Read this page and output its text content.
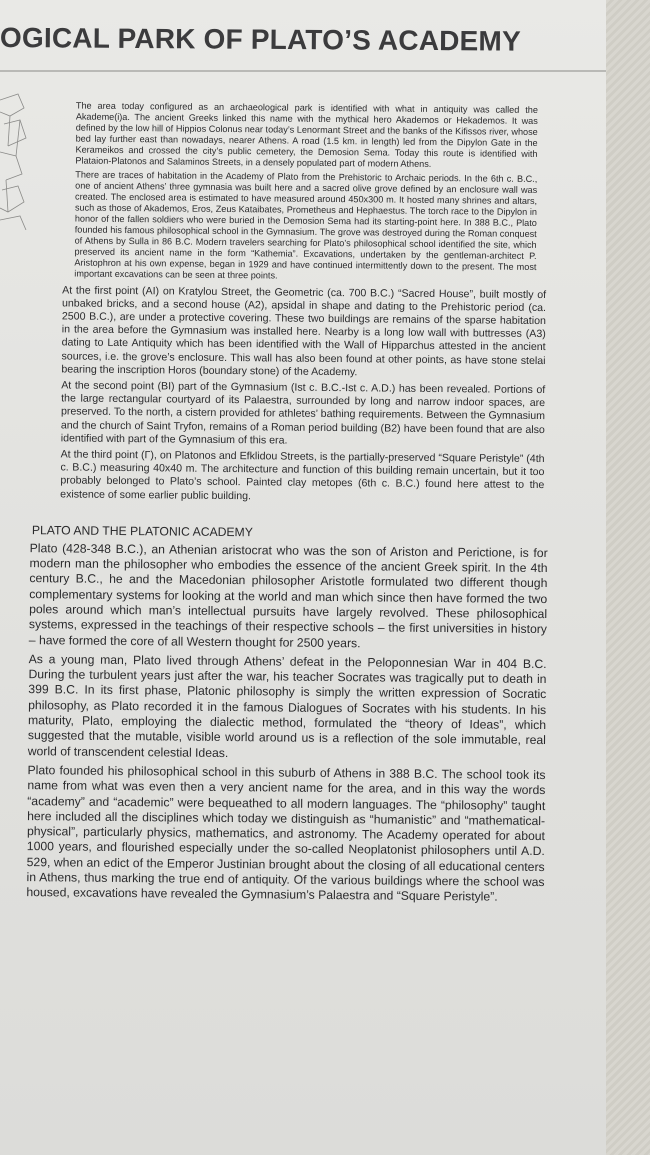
OGICAL PARK OF PLATO’S ACADEMY

The area today configured as an archaeological park is identified with what in antiquity was called the Akademe(i)a. The ancient Greeks linked this name with the mythical hero Akademos or Hekademos. It was defined by the low hill of Hippios Colonus near today’s Lenormant Street and the banks of the Kifissos river, whose bed lay further east than nowadays, nearer Athens. A road (1.5 km. in length) led from the Dipylon Gate in the Kerameikos and crossed the city’s public cemetery, the Demosion Sema. Today this route is identified with Plataion-Platonos and Salaminos Streets, in a densely populated part of modern Athens.

There are traces of habitation in the Academy of Plato from the Prehistoric to Archaic periods. In the 6th c. B.C., one of ancient Athens’ three gymnasia was built here and a sacred olive grove defined by an enclosure wall was created. The enclosed area is estimated to have measured around 450x300 m. It hosted many shrines and altars, such as those of Akademos, Eros, Zeus Kataibates, Prometheus and Hephaestus. The torch race to the Dipylon in honor of the fallen soldiers who were buried in the Demosion Sema had its starting-point here. In 388 B.C., Plato founded his famous philosophical school in the Gymnasium. The grove was destroyed during the Roman conquest of Athens by Sulla in 86 B.C. Modern travelers searching for Plato’s philosophical school identified the site, which preserved its ancient name in the form “Kathemia”. Excavations, undertaken by the gentleman-architect P. Aristophron at his own expense, began in 1929 and have continued intermittently down to the present. The most important excavations can be seen at three points.

At the first point (AI) on Kratylou Street, the Geometric (ca. 700 B.C.) “Sacred House”, built mostly of unbaked bricks, and a second house (A2), apsidal in shape and dating to the Prehistoric period (ca. 2500 B.C.), are under a protective covering. These two buildings are remains of the sparse habitation in the area before the Gymnasium was installed here. Nearby is a long low wall with buttresses (A3) dating to Late Antiquity which has been identified with the Wall of Hipparchus attested in the ancient sources, i.e. the grove’s enclosure. This wall has also been found at other points, as have stone stelai bearing the inscription Horos (boundary stone) of the Academy.

At the second point (BI) part of the Gymnasium (Ist c. B.C.-Ist c. A.D.) has been revealed. Portions of the large rectangular courtyard of its Palaestra, surrounded by long and narrow indoor spaces, are preserved. To the north, a cistern provided for athletes’ bathing requirements. Between the Gymnasium and the church of Saint Tryfon, remains of a Roman period building (B2) have been found that are also identified with part of the Gymnasium of this era.

At the third point (Γ), on Platonos and Efklidou Streets, is the partially-preserved “Square Peristyle” (4th c. B.C.) measuring 40x40 m. The architecture and function of this building remain uncertain, but it too probably belonged to Plato’s school. Painted clay metopes (6th c. B.C.) found here attest to the existence of some earlier public building.

PLATO AND THE PLATONIC ACADEMY

Plato (428-348 B.C.), an Athenian aristocrat who was the son of Ariston and Perictione, is for modern man the philosopher who embodies the essence of the ancient Greek spirit. In the 4th century B.C., he and the Macedonian philosopher Aristotle formulated two different though complementary systems for looking at the world and man which since then have formed the two poles around which man’s intellectual pursuits have largely revolved. These philosophical systems, expressed in the teachings of their respective schools – the first universities in history – have formed the core of all Western thought for 2500 years.

As a young man, Plato lived through Athens’ defeat in the Peloponnesian War in 404 B.C. During the turbulent years just after the war, his teacher Socrates was tragically put to death in 399 B.C. In its first phase, Platonic philosophy is simply the written expression of Socratic philosophy, as Plato recorded it in the famous Dialogues of Socrates with his students. In his maturity, Plato, employing the dialectic method, formulated the “theory of Ideas”, which suggested that the mutable, visible world around us is a reflection of the sole immutable, real world of transcendent celestial Ideas.

Plato founded his philosophical school in this suburb of Athens in 388 B.C. The school took its name from what was even then a very ancient name for the area, and in this way the words “academy” and “academic” were bequeathed to all modern languages. The “philosophy” taught here included all the disciplines which today we distinguish as “humanistic” and “mathematical-physical”, particularly physics, mathematics, and astronomy. The Academy operated for about 1000 years, and flourished especially under the so-called Neoplatonist philosophers until A.D. 529, when an edict of the Emperor Justinian brought about the closing of all educational centers in Athens, thus marking the true end of antiquity. Of the various buildings where the school was housed, excavations have revealed the Gymnasium’s Palaestra and “Square Peristyle”.
